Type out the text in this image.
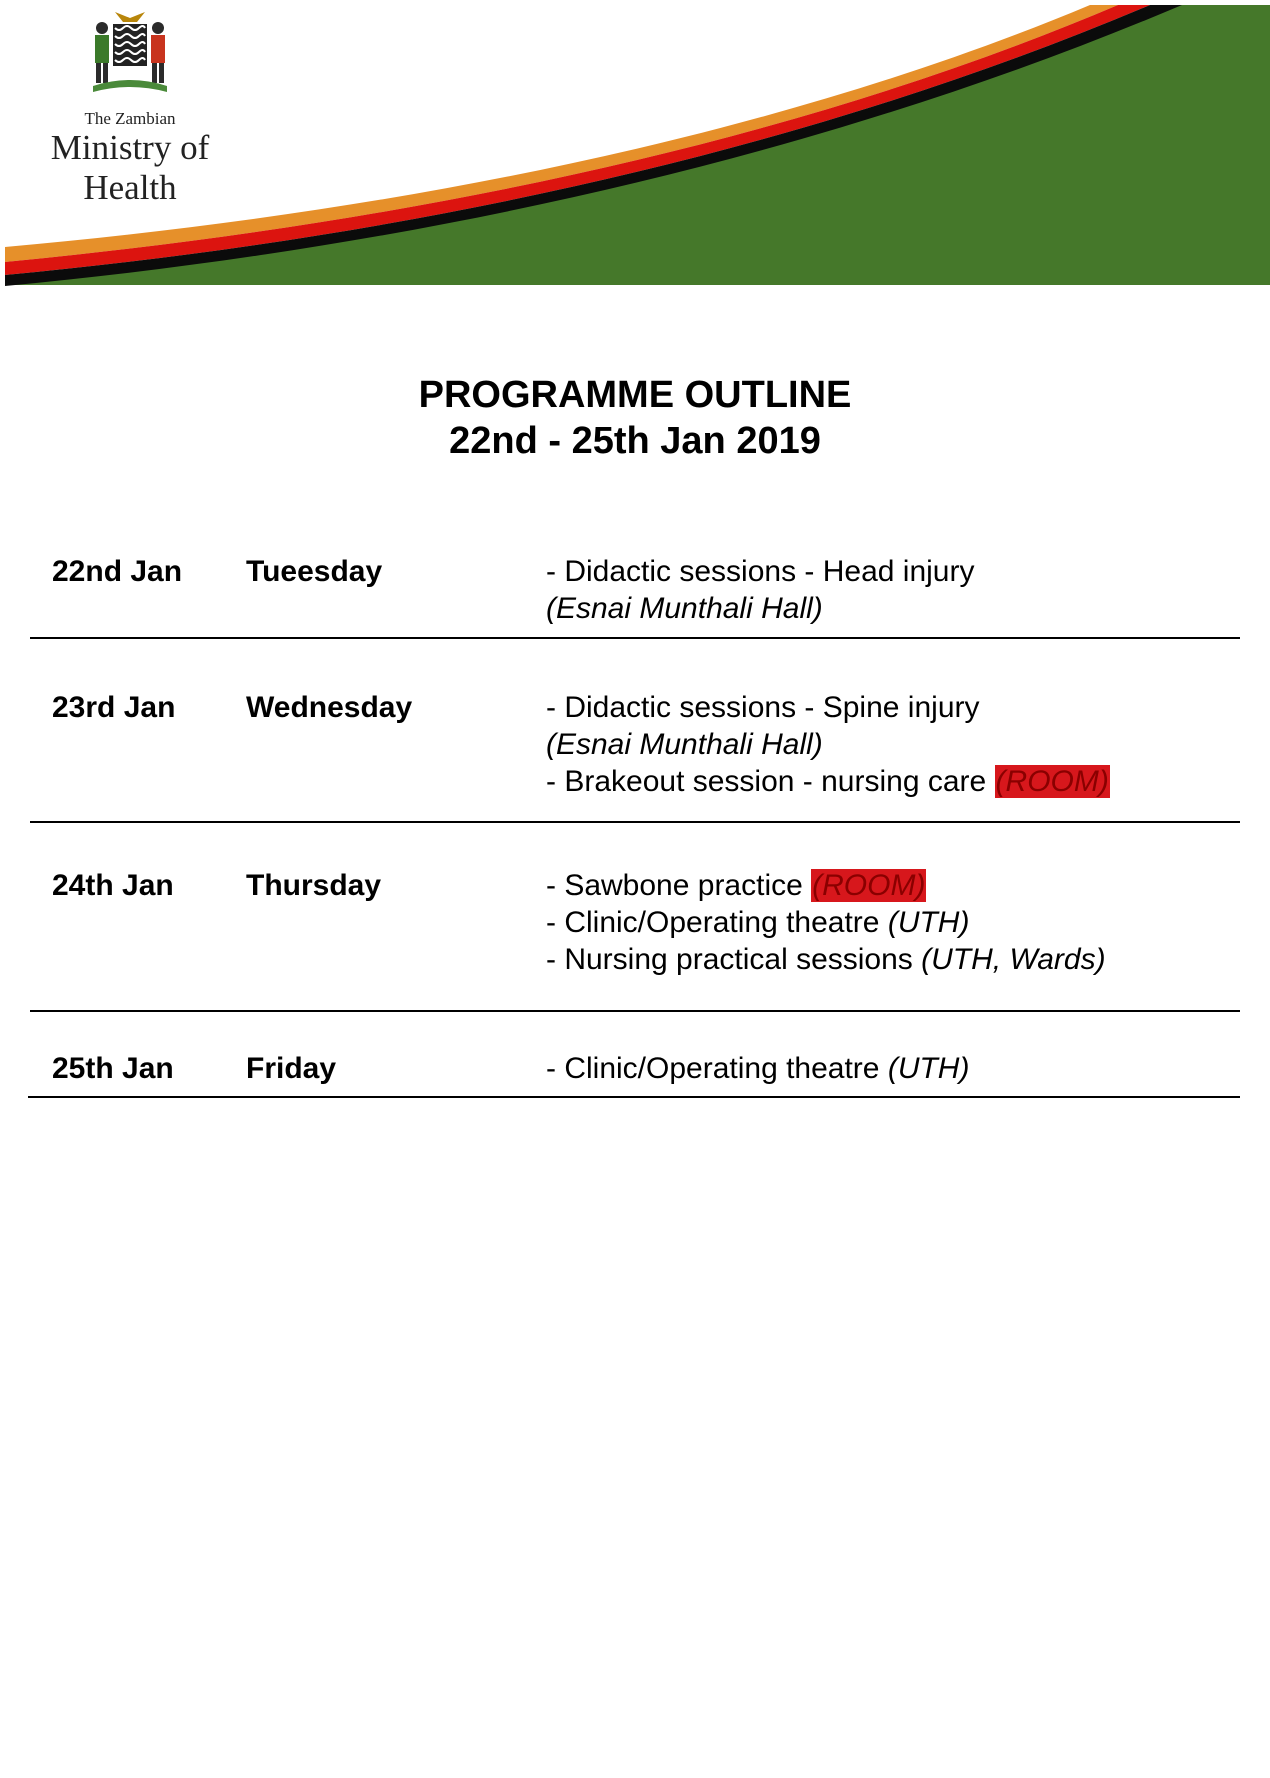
The Zambian
Ministry of
Health
PROGRAMME OUTLINE
22nd - 25th Jan 2019
22nd Jan Tueesday	- Didactic sessions - Head injury
(Esnai Munthali Hall)
23rd Jan Wednesday	- Didactic sessions - Spine injury
(Esnai Munthali Hall)
- Brakeout session - nursing care (ROOM)
24th Jan Thursday	- Sawbone practice (ROOM)
- Clinic/Operating theatre (UTH)
- Nursing practical sessions (UTH, Wards)
25th Jan Friday	- Clinic/Operating theatre (UTH)
